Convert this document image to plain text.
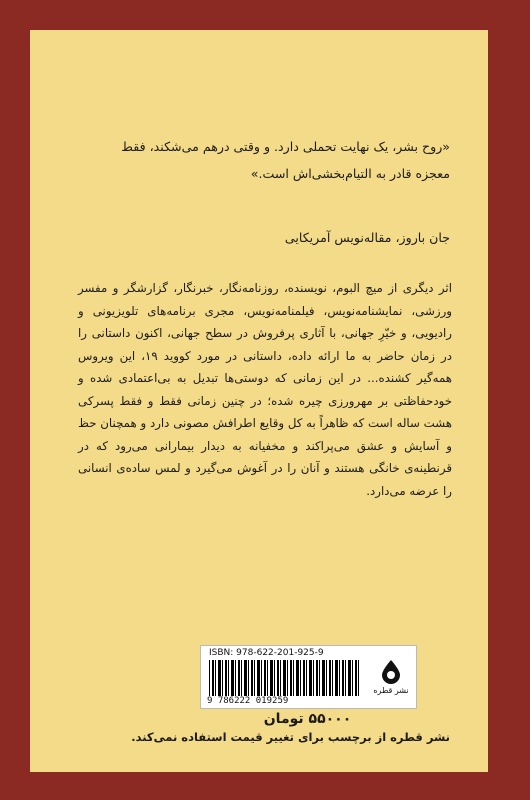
«روح بشر، یک نهایت تحملی دارد. و وقتی درهم می‌شکند، فقط
معجزه قادر به التیام‌بخشی‌اش است.»
جان باروز، مقاله‌نویس آمریکایی
اثر دیگری از میچ البوم، نویسنده، روزنامه‌نگار، خبرنگار، گزارشگر و مفسر ورزشی، نمایشنامه‌نویس، فیلمنامه‌نویس، مجری برنامه‌های تلویزیونی و رادیویی، و خیّرِ جهانی، با آثاری پرفروش در سطح جهانی، اکنون داستانی را در زمان حاضر به ما ارائه داده، داستانی در مورد کووید ۱۹، این ویروس همه‌گیر کشنده... در این زمانی که دوستی‌ها تبدیل به بی‌اعتمادی شده و خودحفاظتی بر مهرورزی چیره شده؛ در چنین زمانی فقط و فقط پسرکی هشت ساله است که ظاهراً به کل وقایع اطرافش مصونی دارد و همچنان حظ و آسایش و عشق می‌پراکند و مخفیانه به دیدار بیمارانی می‌رود که در قرنطینه‌ی خانگی هستند و آنان را در آغوش می‌گیرد و لمس ساده‌ی انسانی را عرضه می‌دارد.
ISBN: 978-622-201-925-9
9 786222 019259
نشر قطره
۵۵۰۰۰ تومان
نشر قطره از برچسب برای تغییر قیمت استفاده نمی‌کند.
